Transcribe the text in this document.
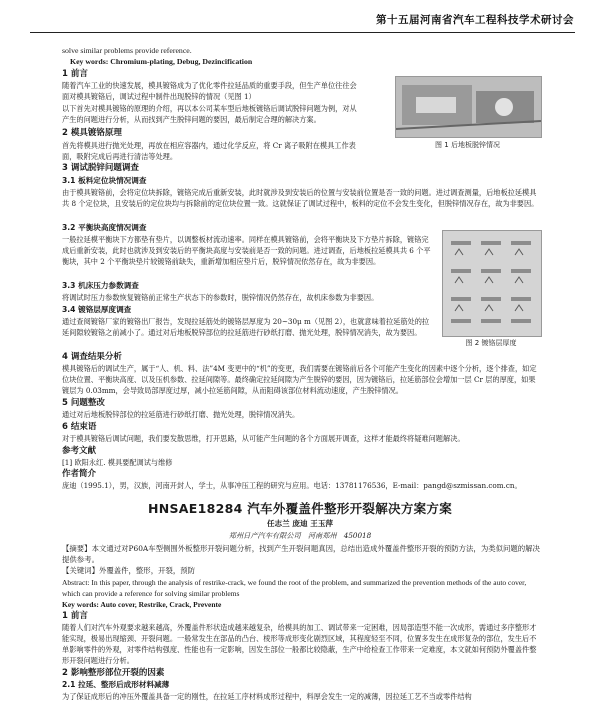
第十五届河南省汽车工程科技学术研讨会
solve similar problems provide reference.
Key words: Chromium-plating, Debug, Dezincification
1 前言
随着汽车工业的快速发展，模具镀铬成为了优化零件拉延品质的重要手段，但生产单位往往会面对模具镀铬后，调试过程中制件出现脱锌的情况（见图 1）
以下首先对模具镀铬的原理的介绍，再以本公司某车型后地板镀铬后调试脱锌问题为例，对从产生的问题进行分析，从而找到产生脱锌问题的要因，最后制定合理的解决方案。
2 模具镀铬原理
首先将模具进行抛光处理，再放在相应容器内，通过化学反应，将 Cr 离子吸附在模具工作表面，吸附完成后再进行清洁等处理。
图 1 后地板脱锌情况
3 调试脱锌问题调查
3.1 板料定位块情况调查
由于模具镀铬前，会将定位块拆除，镀铬完成后重新安装，此时就涉及到安装后的位置与安装前位置是否一致的问题。进过调查测量，后地板拉延模具共 8 个定位块，且安装后的定位块均与拆除前的定位块位置一致。这就保证了调试过程中，板料的定位不会发生变化，但脱锌情况存在，故为非要因。
3.2 平衡块高度情况调查
一般拉延模平衡块下方都垫有垫片，以调整板材流动速率。同样在模具镀铬前，会将平衡块及下方垫片拆除，镀铬完成后重新安装，此时也就涉及到安装后的平衡块高度与安装前是否一致的问题。进过调查，后地板拉延模具共 6 个平衡块，其中 2 个平衡块垫片较镀铬前缺失，重新增加相应垫片后，脱锌情况依然存在，故为非要因。
3.3 机床压力参数调查
将调试时压力参数恢复镀铬前正常生产状态下的参数时，脱锌情况仍然存在，故机床参数为非要因。
3.4 镀铬层厚度调查
通过查阅镀铬厂家的镀铬出厂报告，发现拉延筋处的镀铬层厚度为 20~30μ m（见图 2），也就意味着拉延筋处的拉延间隙较镀铬之前减小了。通过对后地板脱锌部位的拉延筋进行砂纸打磨、抛光处理，脱锌情况消失，故为要因。
图 2 镀铬层厚度
4 调查结果分析
模具镀铬后的调试生产，属于“人、机、料、法”4M 变更中的“机”的变更，我们需要在镀铬前后各个可能产生变化的因素中逐个分析，逐个排查，如定位块位置、平衡块高度、以及压机参数、拉延间隙等。最终确定拉延间隙为产生脱锌的要因，因为镀铬后，拉延筋部位会增加一层 Cr 层的厚度，如果镀层为 0.03mm，会导致局部厚度过厚，减小拉延筋间隙，从而阻碍该部位材料流动速度，产生脱锌情况。
5 问题整改
通过对后地板脱锌部位的拉延筋进行砂纸打磨、抛光处理，脱锌情况消失。
6 结束语
对于模具镀铬后调试问题，我们要发散思维，打开思路，从可能产生问题的各个方面展开调查，这样才能最终将疑难问题解决。
参考文献
[1] 欧阳永红. 模具要配调试与维修
作者简介
庞迪（1995.1），男，汉族，河南开封人，学士，从事冲压工程的研究与应用。电话：13781176536，E-mail：pangd@szmissan.com.cn。
HNSAE18284 汽车外覆盖件整形开裂解决方案方案
任志兰 庞迪 王玉萍
郑州日产汽车有限公司　河南郑州　450018
【摘要】本文通过对P60A车型侧围外板整形开裂问题分析，找到产生开裂问题真因，总结出造成外覆盖件整形开裂的预防方法，为类似问题的解决提供参考。
【关键词】外覆盖件，整形，开裂，预防
Abstract: In this paper, through the analysis of restrike-crack, we found the root of the problem, and summarized the prevention methods of the auto cover, which can provide a reference for solving similar problems
Key words: Auto cover, Restrike, Crack, Prevente
1 前言
随着人们对汽车外观要求越来越高，外覆盖件形状造成越来越复杂，给模具的加工、调试带来一定困难，因局部造型不能一次成形，需通过多序整形才能实现，极易出现缩颈、开裂问题。一般常发生在部品的凸台、棱形等成形变化剧烈区域，其程度轻至不同，位置多发生在成形复杂的部位，发生后不单影响零件的外观，对零件结构强度、性能也有一定影响，因发生部位一般都比较隐蔽，生产中给检查工作带来一定难度，本文就如何预防外覆盖件整形开裂问题进行分析。
2 影响整形部位开裂的因素
2.1 拉延、整形后成形材料减薄
为了保证成形后的冲压外覆盖具备一定的刚性，在拉延工序材料成形过程中，料厚会发生一定的减薄，因拉延工艺不当或零件结构
